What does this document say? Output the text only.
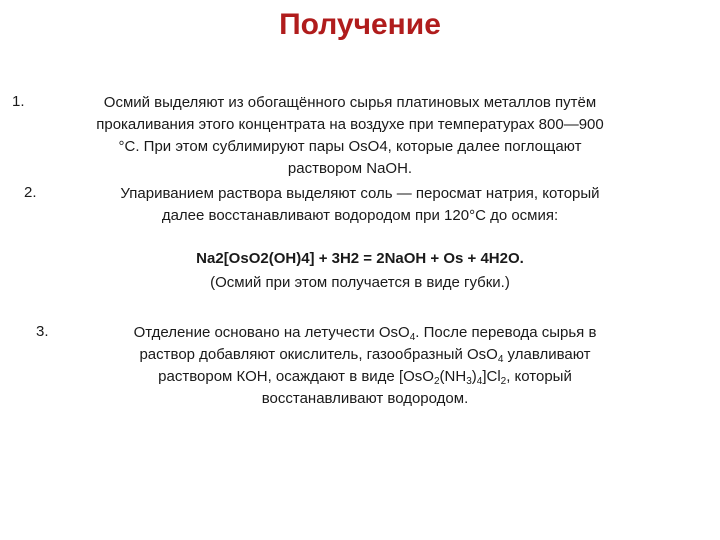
Получение
1.	Осмий выделяют из обогащённого сырья платиновых металлов путём
прокаливания этого концентрата на воздухе при температурах 800—900
°C. При этом сублимируют пары OsO4, которые далее поглощают
раствором NaOH.
2.	Упариванием раствора выделяют соль — перосмат натрия, который
далее восстанавливают водородом при 120°C до осмия:
Na2[OsO2(OH)4] + 3H2 = 2NaOH + Os + 4H2O.
(Осмий при этом получается в виде губки.)
3.	Отделение основано на летучести OsO$_4$. После перевода сырья в
раствор добавляют окислитель, газообразный OsO$_4$ улавливают
раствором КОН, осаждают в виде $[OsO_2(NH_3)_4]Cl_2$, который
восстанавливают водородом.
